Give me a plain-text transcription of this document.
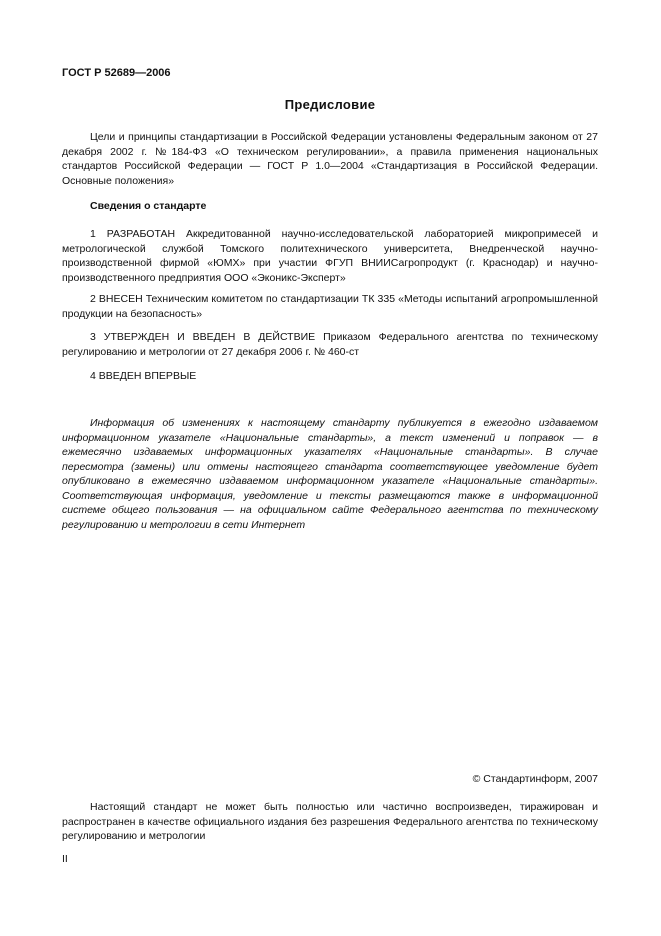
ГОСТ Р 52689—2006
Предисловие
Цели и принципы стандартизации в Российской Федерации установлены Федеральным законом от 27 декабря 2002 г. №184-ФЗ «О техническом регулировании», а правила применения национальных стандартов Российской Федерации — ГОСТ Р 1.0—2004 «Стандартизация в Российской Федерации. Основные положения»
Сведения о стандарте
1 РАЗРАБОТАН Аккредитованной научно-исследовательской лабораторией микропримесей и метрологической службой Томского политехнического университета, Внедренческой научно-производственной фирмой «ЮМХ» при участии ФГУП ВНИИСагропродукт (г. Краснодар) и научно-производственного предприятия ООО «Эконикс-Эксперт»
2 ВНЕСЕН Техническим комитетом по стандартизации ТК 335 «Методы испытаний агропромышленной продукции на безопасность»
3 УТВЕРЖДЕН И ВВЕДЕН В ДЕЙСТВИЕ Приказом Федерального агентства по техническому регулированию и метрологии от 27 декабря 2006 г. № 460-ст
4 ВВЕДЕН ВПЕРВЫЕ
Информация об изменениях к настоящему стандарту публикуется в ежегодно издаваемом информационном указателе «Национальные стандарты», а текст изменений и поправок — в ежемесячно издаваемых информационных указателях «Национальные стандарты». В случае пересмотра (замены) или отмены настоящего стандарта соответствующее уведомление будет опубликовано в ежемесячно издаваемом информационном указателе «Национальные стандарты». Соответствующая информация, уведомление и тексты размещаются также в информационной системе общего пользования — на официальном сайте Федерального агентства по техническому регулированию и метрологии в сети Интернет
© Стандартинформ, 2007
Настоящий стандарт не может быть полностью или частично воспроизведен, тиражирован и распространен в качестве официального издания без разрешения Федерального агентства по техническому регулированию и метрологии
II
